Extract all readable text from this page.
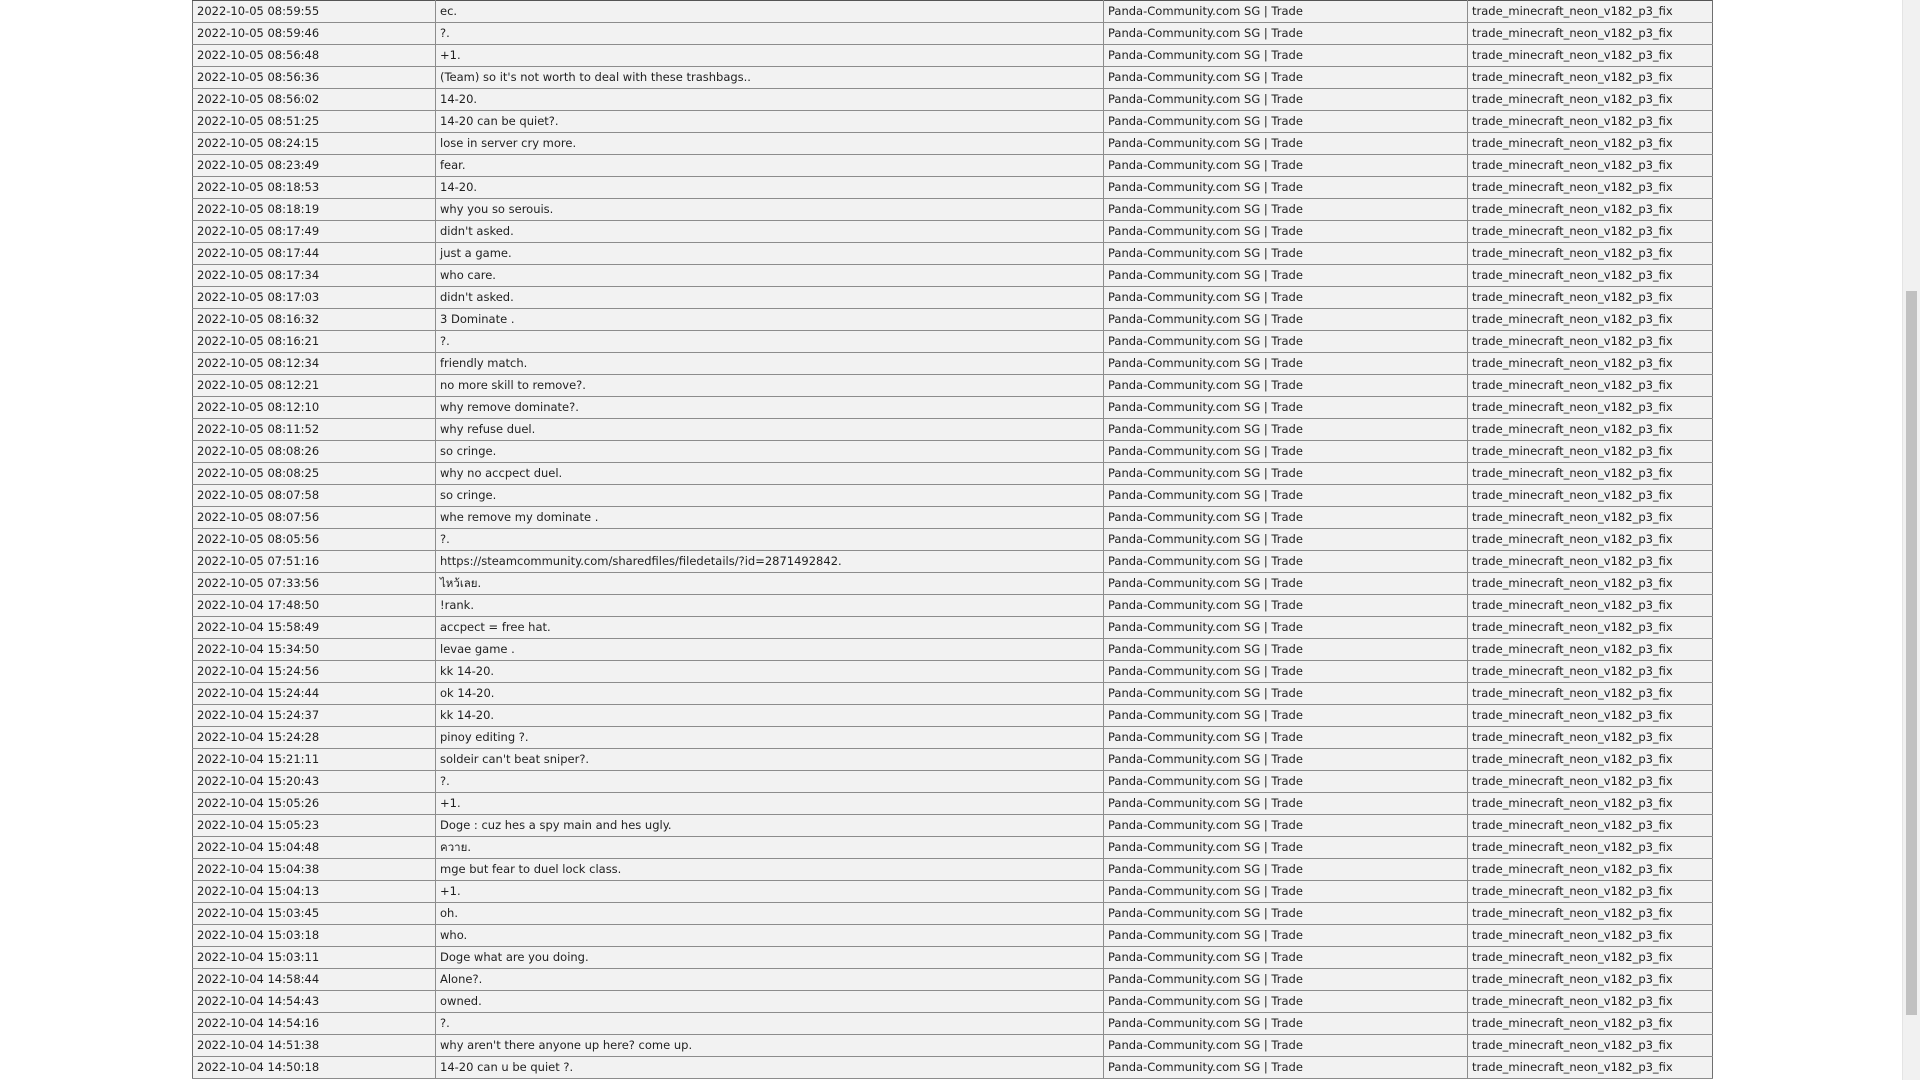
2022-10-05 08:59:55	ec.	Panda-Community.com SG | Trade	trade_minecraft_neon_v182_p3_fix
2022-10-05 08:59:46	?.	Panda-Community.com SG | Trade	trade_minecraft_neon_v182_p3_fix
2022-10-05 08:56:48	+1.	Panda-Community.com SG | Trade	trade_minecraft_neon_v182_p3_fix
2022-10-05 08:56:36	(Team) so it's not worth to deal with these trashbags..	Panda-Community.com SG | Trade	trade_minecraft_neon_v182_p3_fix
2022-10-05 08:56:02	14-20.	Panda-Community.com SG | Trade	trade_minecraft_neon_v182_p3_fix
2022-10-05 08:51:25	14-20 can be quiet?.	Panda-Community.com SG | Trade	trade_minecraft_neon_v182_p3_fix
2022-10-05 08:24:15	lose in server cry more.	Panda-Community.com SG | Trade	trade_minecraft_neon_v182_p3_fix
2022-10-05 08:23:49	fear.	Panda-Community.com SG | Trade	trade_minecraft_neon_v182_p3_fix
2022-10-05 08:18:53	14-20.	Panda-Community.com SG | Trade	trade_minecraft_neon_v182_p3_fix
2022-10-05 08:18:19	why you so serouis.	Panda-Community.com SG | Trade	trade_minecraft_neon_v182_p3_fix
2022-10-05 08:17:49	didn't asked.	Panda-Community.com SG | Trade	trade_minecraft_neon_v182_p3_fix
2022-10-05 08:17:44	just a game.	Panda-Community.com SG | Trade	trade_minecraft_neon_v182_p3_fix
2022-10-05 08:17:34	who care.	Panda-Community.com SG | Trade	trade_minecraft_neon_v182_p3_fix
2022-10-05 08:17:03	didn't asked.	Panda-Community.com SG | Trade	trade_minecraft_neon_v182_p3_fix
2022-10-05 08:16:32	3 Dominate .	Panda-Community.com SG | Trade	trade_minecraft_neon_v182_p3_fix
2022-10-05 08:16:21	?.	Panda-Community.com SG | Trade	trade_minecraft_neon_v182_p3_fix
2022-10-05 08:12:34	friendly match.	Panda-Community.com SG | Trade	trade_minecraft_neon_v182_p3_fix
2022-10-05 08:12:21	no more skill to remove?.	Panda-Community.com SG | Trade	trade_minecraft_neon_v182_p3_fix
2022-10-05 08:12:10	why remove dominate?.	Panda-Community.com SG | Trade	trade_minecraft_neon_v182_p3_fix
2022-10-05 08:11:52	why refuse duel.	Panda-Community.com SG | Trade	trade_minecraft_neon_v182_p3_fix
2022-10-05 08:08:26	so cringe.	Panda-Community.com SG | Trade	trade_minecraft_neon_v182_p3_fix
2022-10-05 08:08:25	why no accpect duel.	Panda-Community.com SG | Trade	trade_minecraft_neon_v182_p3_fix
2022-10-05 08:07:58	so cringe.	Panda-Community.com SG | Trade	trade_minecraft_neon_v182_p3_fix
2022-10-05 08:07:56	whe remove my dominate .	Panda-Community.com SG | Trade	trade_minecraft_neon_v182_p3_fix
2022-10-05 08:05:56	?.	Panda-Community.com SG | Trade	trade_minecraft_neon_v182_p3_fix
2022-10-05 07:51:16	https://steamcommunity.com/sharedfiles/filedetails/?id=2871492842.	Panda-Community.com SG | Trade	trade_minecraft_neon_v182_p3_fix
2022-10-05 07:33:56	ไหว้เลย.	Panda-Community.com SG | Trade	trade_minecraft_neon_v182_p3_fix
2022-10-04 17:48:50	!rank.	Panda-Community.com SG | Trade	trade_minecraft_neon_v182_p3_fix
2022-10-04 15:58:49	accpect = free hat.	Panda-Community.com SG | Trade	trade_minecraft_neon_v182_p3_fix
2022-10-04 15:34:50	levae game .	Panda-Community.com SG | Trade	trade_minecraft_neon_v182_p3_fix
2022-10-04 15:24:56	kk 14-20.	Panda-Community.com SG | Trade	trade_minecraft_neon_v182_p3_fix
2022-10-04 15:24:44	ok 14-20.	Panda-Community.com SG | Trade	trade_minecraft_neon_v182_p3_fix
2022-10-04 15:24:37	kk 14-20.	Panda-Community.com SG | Trade	trade_minecraft_neon_v182_p3_fix
2022-10-04 15:24:28	pinoy editing ?.	Panda-Community.com SG | Trade	trade_minecraft_neon_v182_p3_fix
2022-10-04 15:21:11	soldeir can't beat sniper?.	Panda-Community.com SG | Trade	trade_minecraft_neon_v182_p3_fix
2022-10-04 15:20:43	?.	Panda-Community.com SG | Trade	trade_minecraft_neon_v182_p3_fix
2022-10-04 15:05:26	+1.	Panda-Community.com SG | Trade	trade_minecraft_neon_v182_p3_fix
2022-10-04 15:05:23	Doge : cuz hes a spy main and hes ugly.	Panda-Community.com SG | Trade	trade_minecraft_neon_v182_p3_fix
2022-10-04 15:04:48	ควาย.	Panda-Community.com SG | Trade	trade_minecraft_neon_v182_p3_fix
2022-10-04 15:04:38	mge but fear to duel lock class.	Panda-Community.com SG | Trade	trade_minecraft_neon_v182_p3_fix
2022-10-04 15:04:13	+1.	Panda-Community.com SG | Trade	trade_minecraft_neon_v182_p3_fix
2022-10-04 15:03:45	oh.	Panda-Community.com SG | Trade	trade_minecraft_neon_v182_p3_fix
2022-10-04 15:03:18	who.	Panda-Community.com SG | Trade	trade_minecraft_neon_v182_p3_fix
2022-10-04 15:03:11	Doge what are you doing.	Panda-Community.com SG | Trade	trade_minecraft_neon_v182_p3_fix
2022-10-04 14:58:44	Alone?.	Panda-Community.com SG | Trade	trade_minecraft_neon_v182_p3_fix
2022-10-04 14:54:43	owned.	Panda-Community.com SG | Trade	trade_minecraft_neon_v182_p3_fix
2022-10-04 14:54:16	?.	Panda-Community.com SG | Trade	trade_minecraft_neon_v182_p3_fix
2022-10-04 14:51:38	why aren't there anyone up here? come up.	Panda-Community.com SG | Trade	trade_minecraft_neon_v182_p3_fix
2022-10-04 14:50:18	14-20 can u be quiet ?.	Panda-Community.com SG | Trade	trade_minecraft_neon_v182_p3_fix
